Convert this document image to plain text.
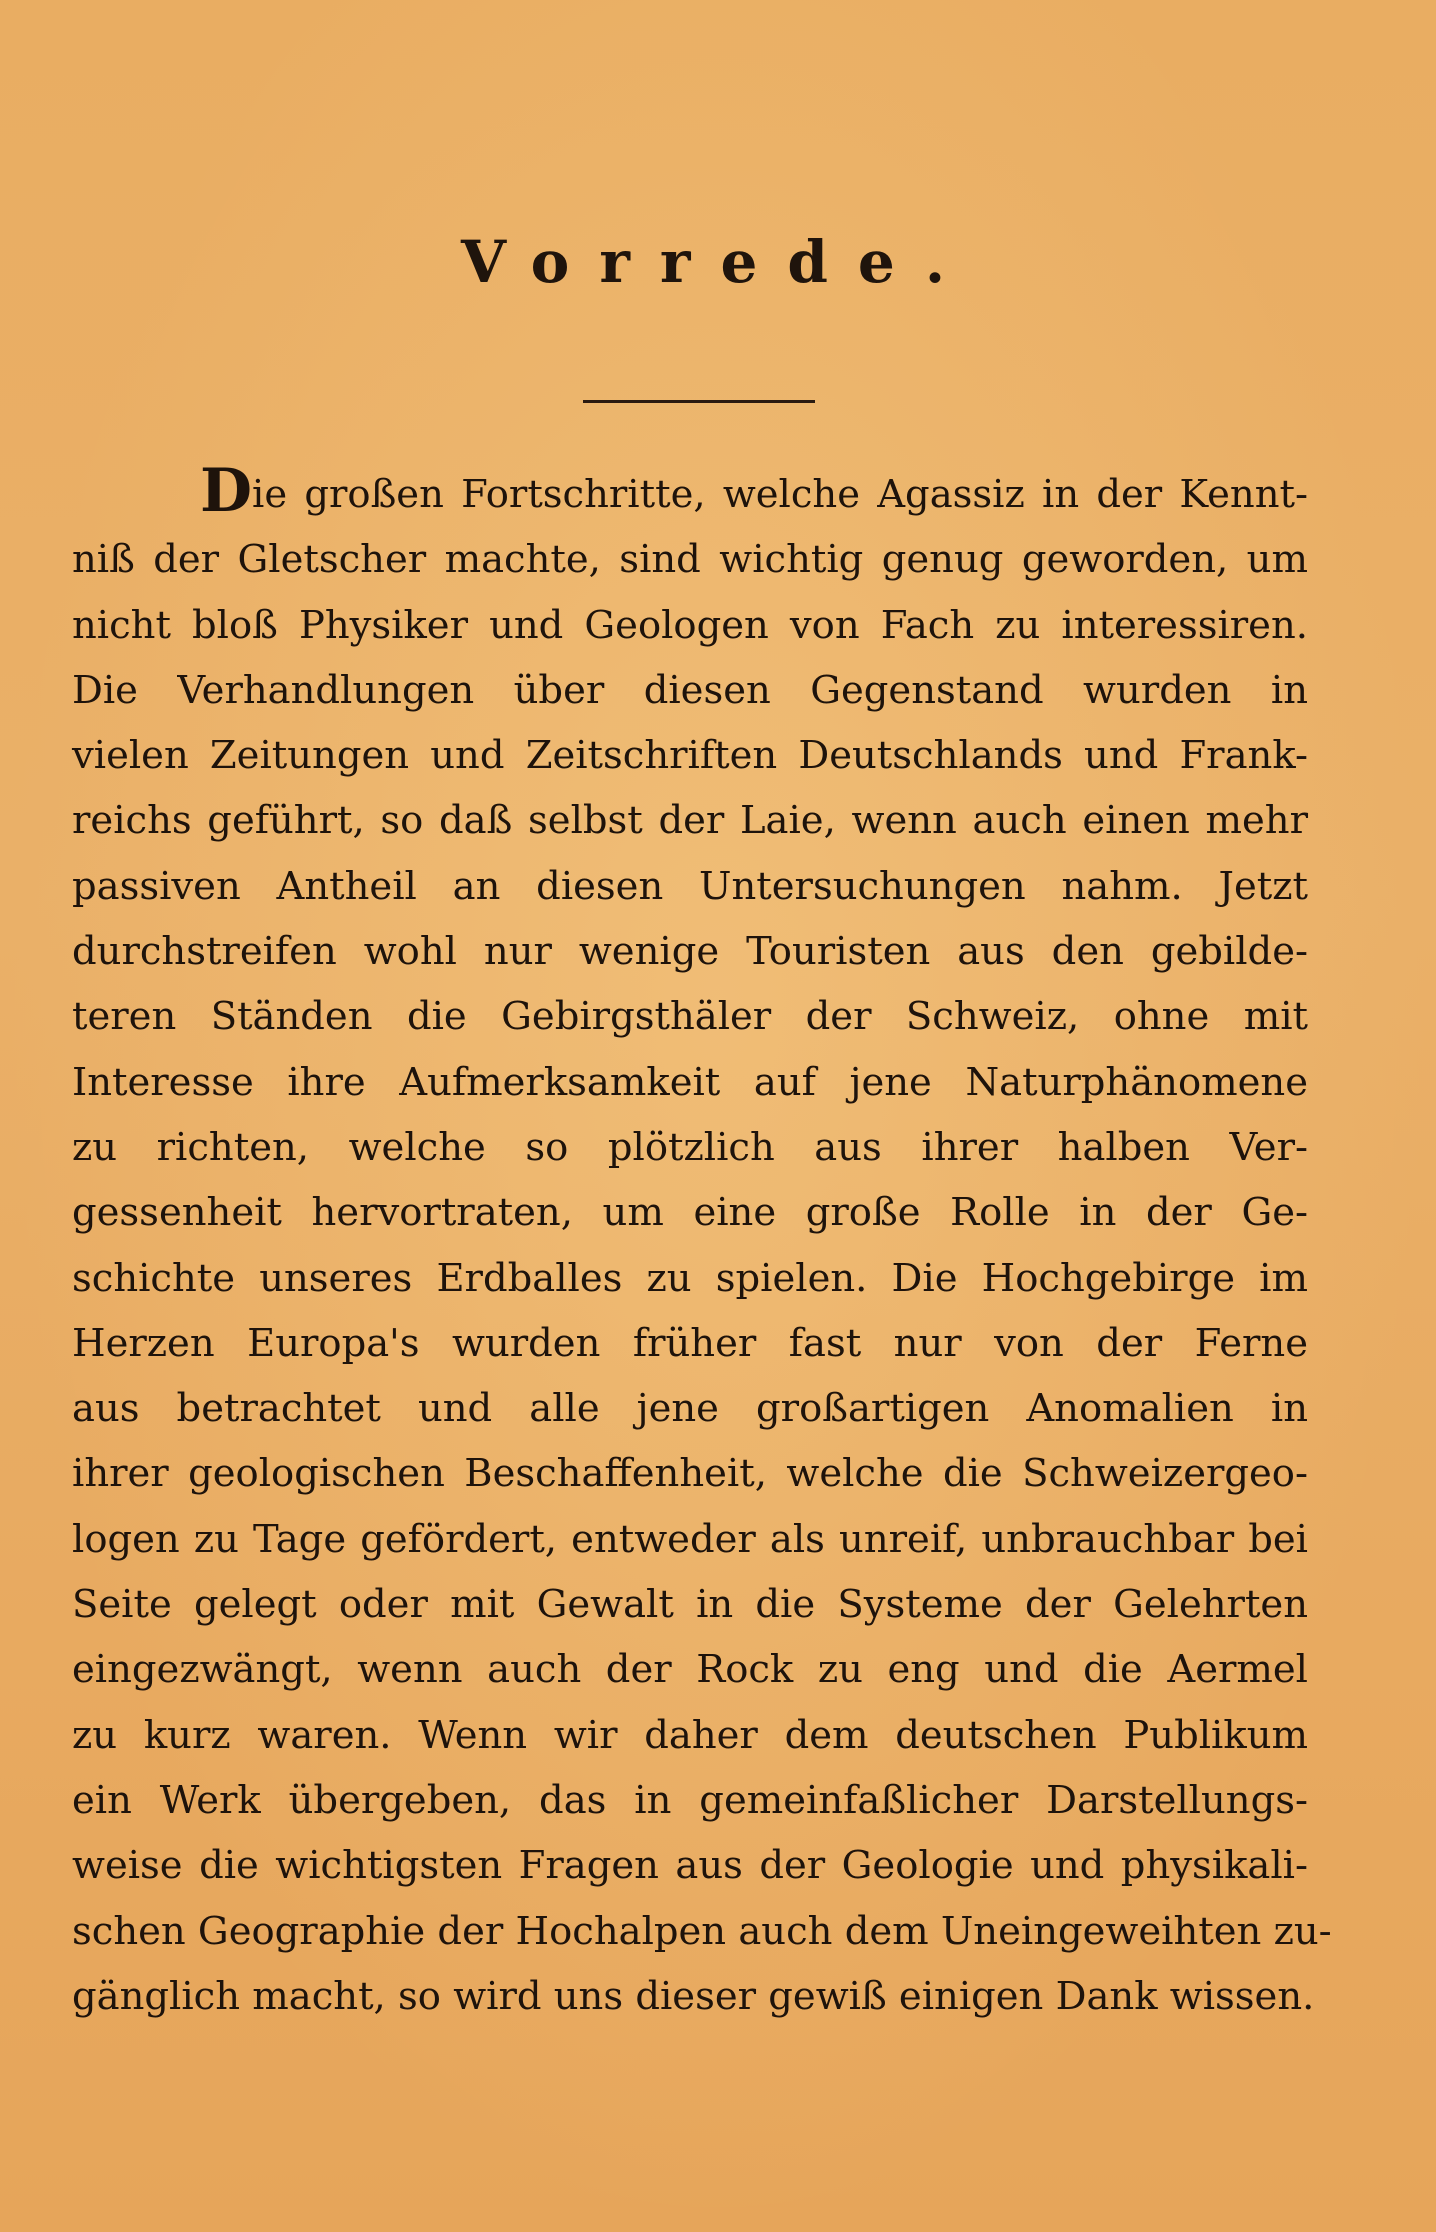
Vorrede.
Die großen Fortschritte, welche Agassiz in der Kennt-
niß der Gletscher machte, sind wichtig genug geworden, um
nicht bloß Physiker und Geologen von Fach zu interessiren.
Die Verhandlungen über diesen Gegenstand wurden in
vielen Zeitungen und Zeitschriften Deutschlands und Frank-
reichs geführt, so daß selbst der Laie, wenn auch einen mehr
passiven Antheil an diesen Untersuchungen nahm. Jetzt
durchstreifen wohl nur wenige Touristen aus den gebilde-
teren Ständen die Gebirgsthäler der Schweiz, ohne mit
Interesse ihre Aufmerksamkeit auf jene Naturphänomene
zu richten, welche so plötzlich aus ihrer halben Ver-
gessenheit hervortraten, um eine große Rolle in der Ge-
schichte unseres Erdballes zu spielen. Die Hochgebirge im
Herzen Europa's wurden früher fast nur von der Ferne
aus betrachtet und alle jene großartigen Anomalien in
ihrer geologischen Beschaffenheit, welche die Schweizergeo-
logen zu Tage gefördert, entweder als unreif, unbrauchbar bei
Seite gelegt oder mit Gewalt in die Systeme der Gelehrten
eingezwängt, wenn auch der Rock zu eng und die Aermel
zu kurz waren. Wenn wir daher dem deutschen Publikum
ein Werk übergeben, das in gemeinfaßlicher Darstellungs-
weise die wichtigsten Fragen aus der Geologie und physikali-
schen Geographie der Hochalpen auch dem Uneingeweihten zu-
gänglich macht, so wird uns dieser gewiß einigen Dank wissen.
